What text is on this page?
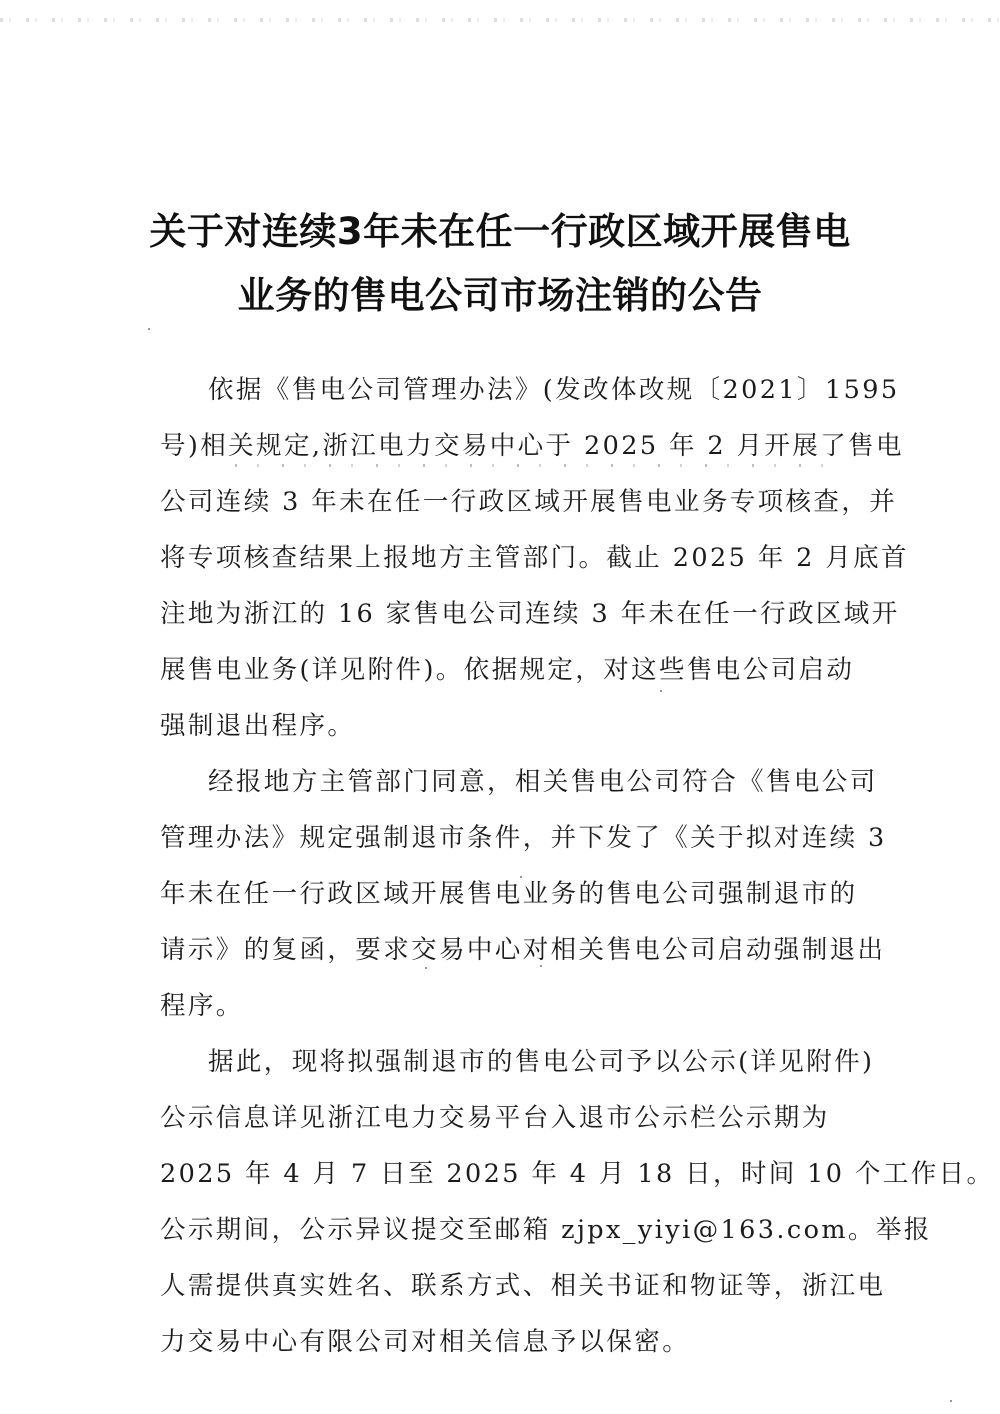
关于对连续3年未在任一行政区域开展售电
业务的售电公司市场注销的公告
依据《售电公司管理办法》(发改体改规〔2021〕1595
号)相关规定,浙江电力交易中心于 2025 年 2 月开展了售电
公司连续 3 年未在任一行政区域开展售电业务专项核查，并
将专项核查结果上报地方主管部门。截止 2025 年 2 月底首
注地为浙江的 16 家售电公司连续 3 年未在任一行政区域开
展售电业务(详见附件)。依据规定，对这些售电公司启动
强制退出程序。
经报地方主管部门同意，相关售电公司符合《售电公司
管理办法》规定强制退市条件，并下发了《关于拟对连续 3
年未在任一行政区域开展售电业务的售电公司强制退市的
请示》的复函，要求交易中心对相关售电公司启动强制退出
程序。
据此，现将拟强制退市的售电公司予以公示(详见附件)
公示信息详见浙江电力交易平台入退市公示栏公示期为
2025 年 4 月 7 日至 2025 年 4 月 18 日，时间 10 个工作日。
公示期间，公示异议提交至邮箱 zjpx_yiyi@163.com。举报
人需提供真实姓名、联系方式、相关书证和物证等，浙江电
力交易中心有限公司对相关信息予以保密。
